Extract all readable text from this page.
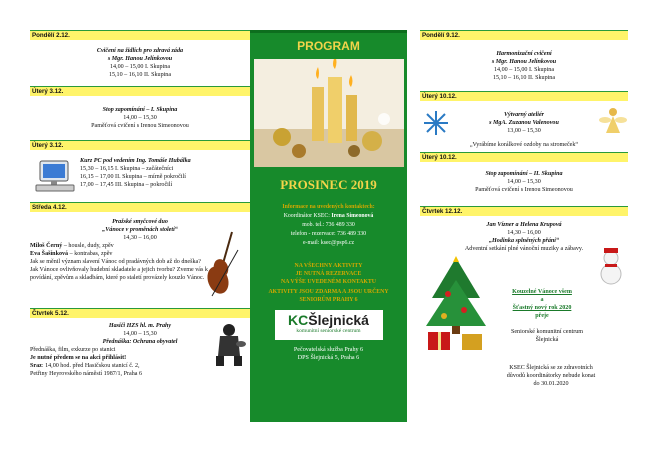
Pondělí 2.12.
Cvičení na židlích pro zdravá záda
s Mgr. Hanou Jelínkovou
14,00 – 15,00 I. Skupina
15,10 – 16,10 II. Skupina
Úterý 3.12.
Stop zapomínání – I. Skupina
14,00 – 15,30
Paměťová cvičení s Irenou Simeonovou
Úterý 3.12.
Kurz PC pod vedením Ing. Tomáše Hubálka
15,30 – 16,15 I. Skupina – začátečníci
16,15 – 17,00 II. Skupina – mírně pokročilí
17,00 – 17,45 III. Skupina – pokročilí
Středa 4.12.
Pražské smyčcové duo
„Vánoce v proměnách století“
14,30 – 16,00
Miloš Černý – housle, dudy, zpěv
Eva Šašínková – kontrabas, zpěv
Jak se měnil význam slavení Vánoc od pradávných dob až do dneška? Jak Vánoce ovlivňovaly hudební skladatele a jejich tvorbu? Zveme vás k povídání, zpěvům a skladbám, které po staletí provázely kouzlo Vánoc.
Čtvrtek 5.12.
Hasiči HZS hl. m. Prahy
14,00 – 15,30
Přednáška: Ochrana obyvatel
Přednáška, film, exkurze po stanici
Je nutné předem se na akci přihlásit!
Sraz: 14,00 hod. před Hasičskou stanicí č. 2,
Petřiny Heyrovského náměstí 1987/1, Praha 6
PROGRAM
PROSINEC 2019
Informace na uvedených kontaktech:
Koordinátor KSEC: Irena Simeonová
mob. tel.: 736 489 330
telefon - rezervace: 736 489 330
e-mail: ksec@psp6.cz
NA VŠECHNY AKTIVITY
JE NUTNÁ REZERVACE
NA VÝŠE UVEDENÉM KONTAKTU
AKTIVITY JSOU ZDARMA A JSOU URČENY
SENIORŮM PRAHY 6
KCŠlejnická
komunitní seniorské centrum
Pečovatelská služba Prahy 6
DPS Šlejnická 5, Praha 6
Pondělí 9.12.
Harmonizační cvičení
s Mgr. Hanou Jelínkovou
14,00 – 15,00 I. Skupina
15,10 – 16,10 II. Skupina
Úterý 10.12.
Výtvarný ateliér
s MgA. Zuzanou Valenovou
13,00 – 15,30
„Vyrábíme korálkové ozdoby na stromeček“
Úterý 10.12.
Stop zapomínání – II. Skupina
14,00 – 15,30
Paměťová cvičení s Irenou Simeonovou
Čtvrtek 12.12.
Jan Vízner a Helena Krupová
14,30 – 16,00
„Hodinka splněných přání“
Adventní setkání plné vánoční muziky a zábavy.
Kouzelné Vánoce všem
a
Šťastný nový rok 2020
přeje
Seniorské komunitní centrum
Šlejnická
KSEC Šlejnická se ze zdravotních
důvodů koordinátorky nebude konat
do 30.01.2020
